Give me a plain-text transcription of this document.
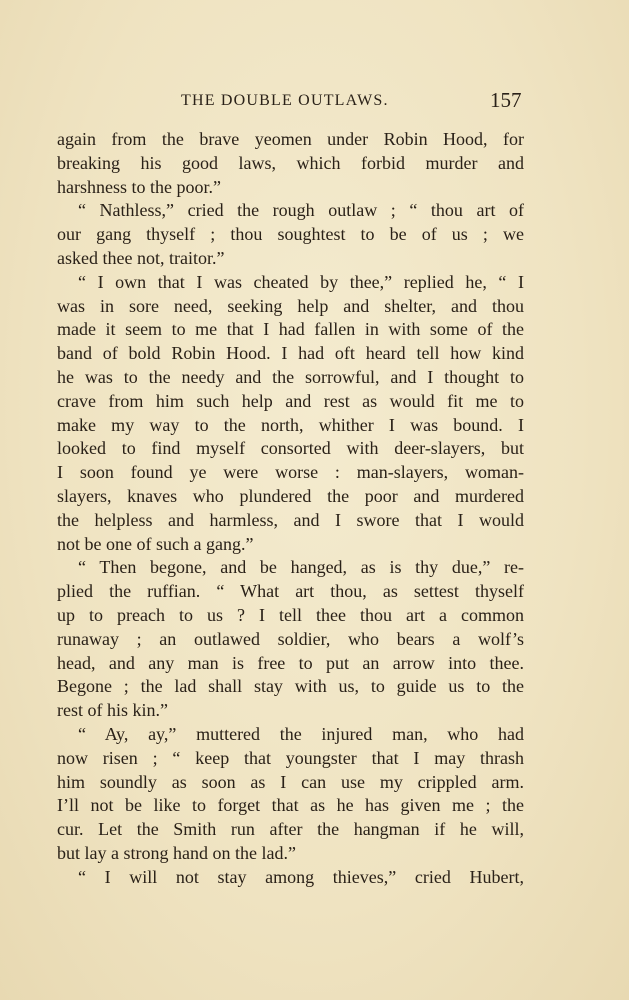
THE DOUBLE OUTLAWS.	157
again from the brave yeomen under Robin Hood, for
breaking his good laws, which forbid murder and
harshness to the poor.”
“ Nathless,” cried the rough outlaw ; “ thou art of
our gang thyself ; thou soughtest to be of us ; we
asked thee not, traitor.”
“ I own that I was cheated by thee,” replied he, “ I
was in sore need, seeking help and shelter, and thou
made it seem to me that I had fallen in with some of the
band of bold Robin Hood. I had oft heard tell how kind
he was to the needy and the sorrowful, and I thought to
crave from him such help and rest as would fit me to
make my way to the north, whither I was bound. I
looked to find myself consorted with deer-slayers, but
I soon found ye were worse : man-slayers, woman-
slayers, knaves who plundered the poor and murdered
the helpless and harmless, and I swore that I would
not be one of such a gang.”
“ Then begone, and be hanged, as is thy due,” re-
plied the ruffian. “ What art thou, as settest thyself
up to preach to us ? I tell thee thou art a common
runaway ; an outlawed soldier, who bears a wolf’s
head, and any man is free to put an arrow into thee.
Begone ; the lad shall stay with us, to guide us to the
rest of his kin.”
“ Ay, ay,” muttered the injured man, who had
now risen ; “ keep that youngster that I may thrash
him soundly as soon as I can use my crippled arm.
I’ll not be like to forget that as he has given me ; the
cur. Let the Smith run after the hangman if he will,
but lay a strong hand on the lad.”
“ I will not stay among thieves,” cried Hubert,
